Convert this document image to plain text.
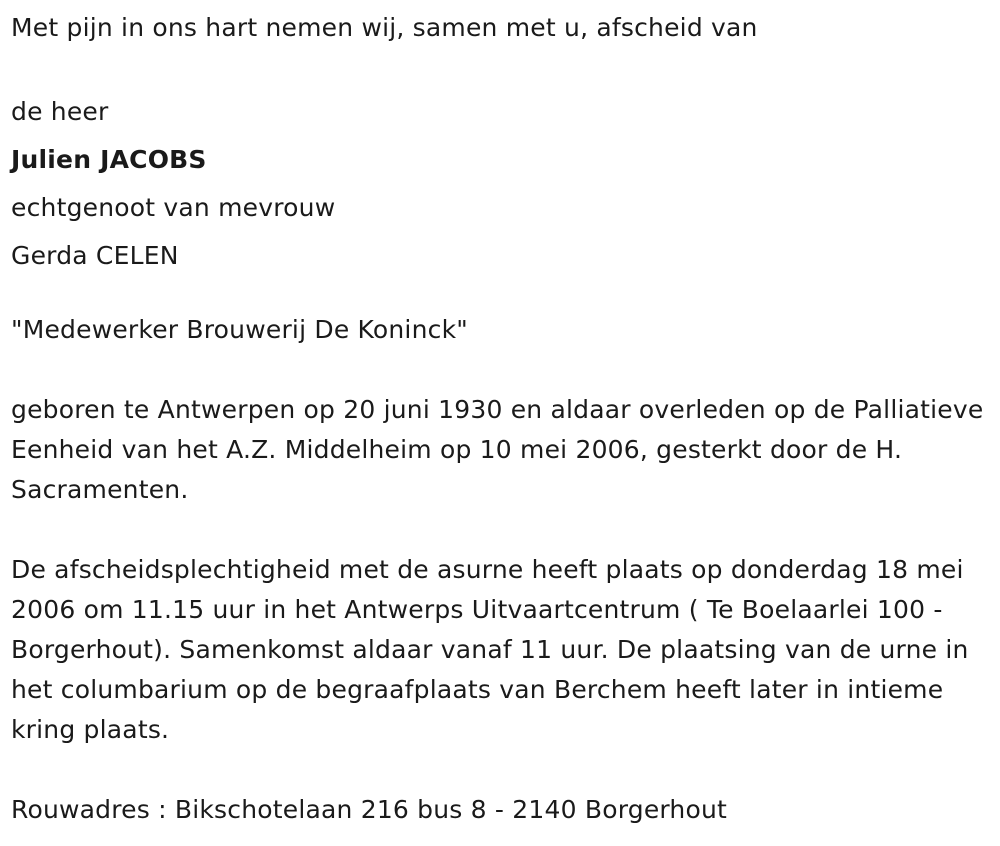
Met pijn in ons hart nemen wij, samen met u, afscheid van

de heer

Julien JACOBS

echtgenoot van mevrouw

Gerda CELEN

"Medewerker Brouwerij De Koninck"

geboren te Antwerpen op 20 juni 1930 en aldaar overleden op de Palliatieve Eenheid van het A.Z. Middelheim op 10 mei 2006, gesterkt door de H. Sacramenten.

De afscheidsplechtigheid met de asurne heeft plaats op donderdag 18 mei 2006 om 11.15 uur in het Antwerps Uitvaartcentrum ( Te Boelaarlei 100 - Borgerhout). Samenkomst aldaar vanaf 11 uur. De plaatsing van de urne in het columbarium op de begraafplaats van Berchem heeft later in intieme kring plaats.

Rouwadres : Bikschotelaan 216 bus 8 - 2140 Borgerhout
